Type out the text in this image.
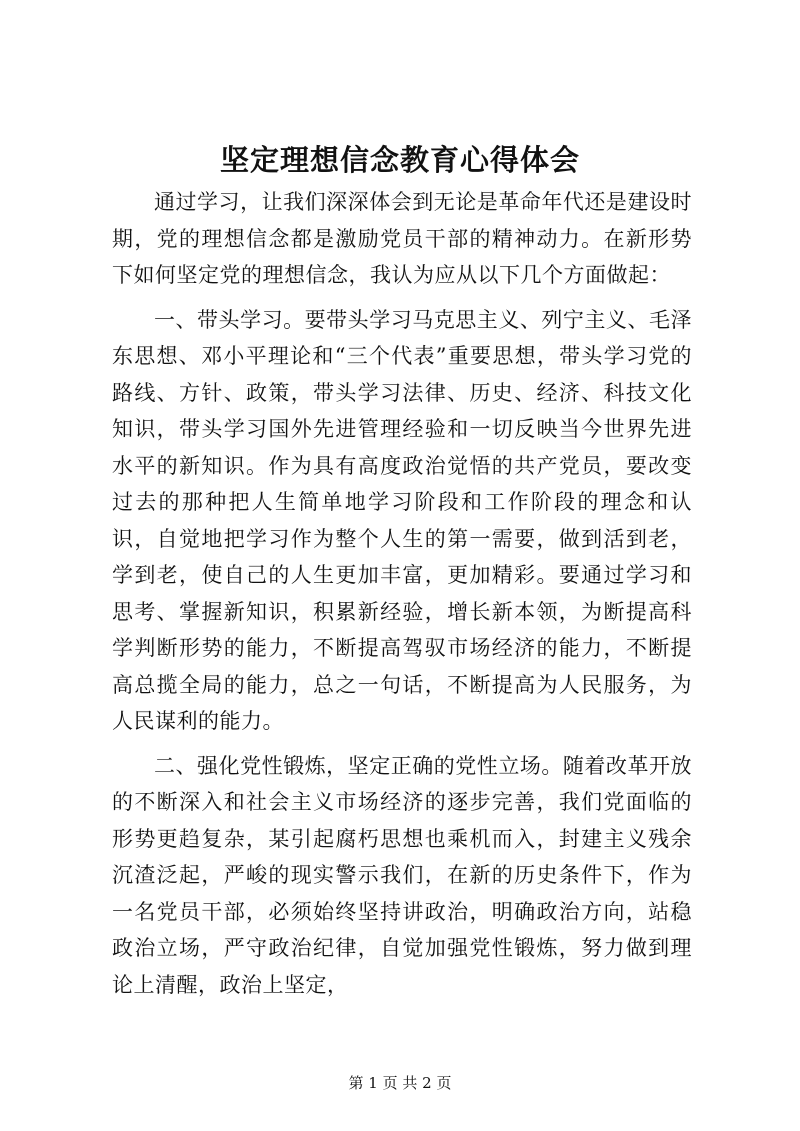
坚定理想信念教育心得体会

通过学习，让我们深深体会到无论是革命年代还是建设时期，党的理想信念都是激励党员干部的精神动力。在新形势下如何坚定党的理想信念，我认为应从以下几个方面做起：

一、带头学习。要带头学习马克思主义、列宁主义、毛泽东思想、邓小平理论和“三个代表”重要思想，带头学习党的路线、方针、政策，带头学习法律、历史、经济、科技文化知识，带头学习国外先进管理经验和一切反映当今世界先进水平的新知识。作为具有高度政治觉悟的共产党员，要改变过去的那种把人生简单地学习阶段和工作阶段的理念和认识，自觉地把学习作为整个人生的第一需要，做到活到老，学到老，使自己的人生更加丰富，更加精彩。要通过学习和思考、掌握新知识，积累新经验，增长新本领，为断提高科学判断形势的能力，不断提高驾驭市场经济的能力，不断提高总揽全局的能力，总之一句话，不断提高为人民服务，为人民谋利的能力。

二、强化党性锻炼，坚定正确的党性立场。随着改革开放的不断深入和社会主义市场经济的逐步完善，我们党面临的形势更趋复杂，某引起腐朽思想也乘机而入，封建主义残余沉渣泛起，严峻的现实警示我们，在新的历史条件下，作为一名党员干部，必须始终坚持讲政治，明确政治方向，站稳政治立场，严守政治纪律，自觉加强党性锻炼，努力做到理论上清醒，政治上坚定，

第 1 页 共 2 页
